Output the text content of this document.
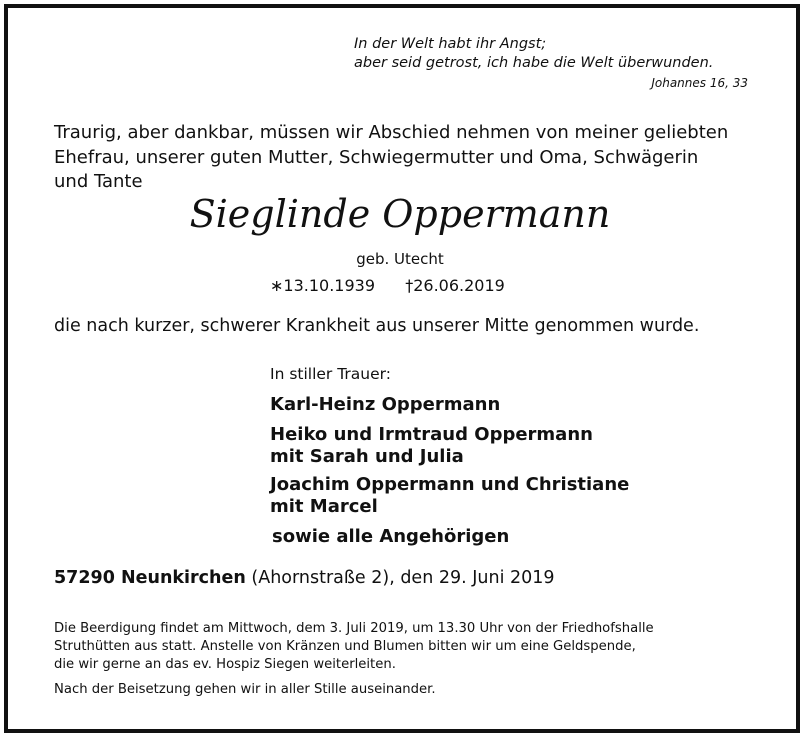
In der Welt habt ihr Angst;
aber seid getrost, ich habe die Welt überwunden.
Johannes 16, 33
Traurig, aber dankbar, müssen wir Abschied nehmen von meiner geliebten
Ehefrau, unserer guten Mutter, Schwiegermutter und Oma, Schwägerin
und Tante
Sieglinde Oppermann
geb. Utecht
∗13.10.1939 †26.06.2019
die nach kurzer, schwerer Krankheit aus unserer Mitte genommen wurde.
In stiller Trauer:
Karl-Heinz Oppermann
Heiko und Irmtraud Oppermann
mit Sarah und Julia
Joachim Oppermann und Christiane
mit Marcel
sowie alle Angehörigen
57290 Neunkirchen (Ahornstraße 2), den 29. Juni 2019
Die Beerdigung findet am Mittwoch, dem 3. Juli 2019, um 13.30 Uhr von der Friedhofshalle
Struthütten aus statt. Anstelle von Kränzen und Blumen bitten wir um eine Geldspende,
die wir gerne an das ev. Hospiz Siegen weiterleiten.
Nach der Beisetzung gehen wir in aller Stille auseinander.
